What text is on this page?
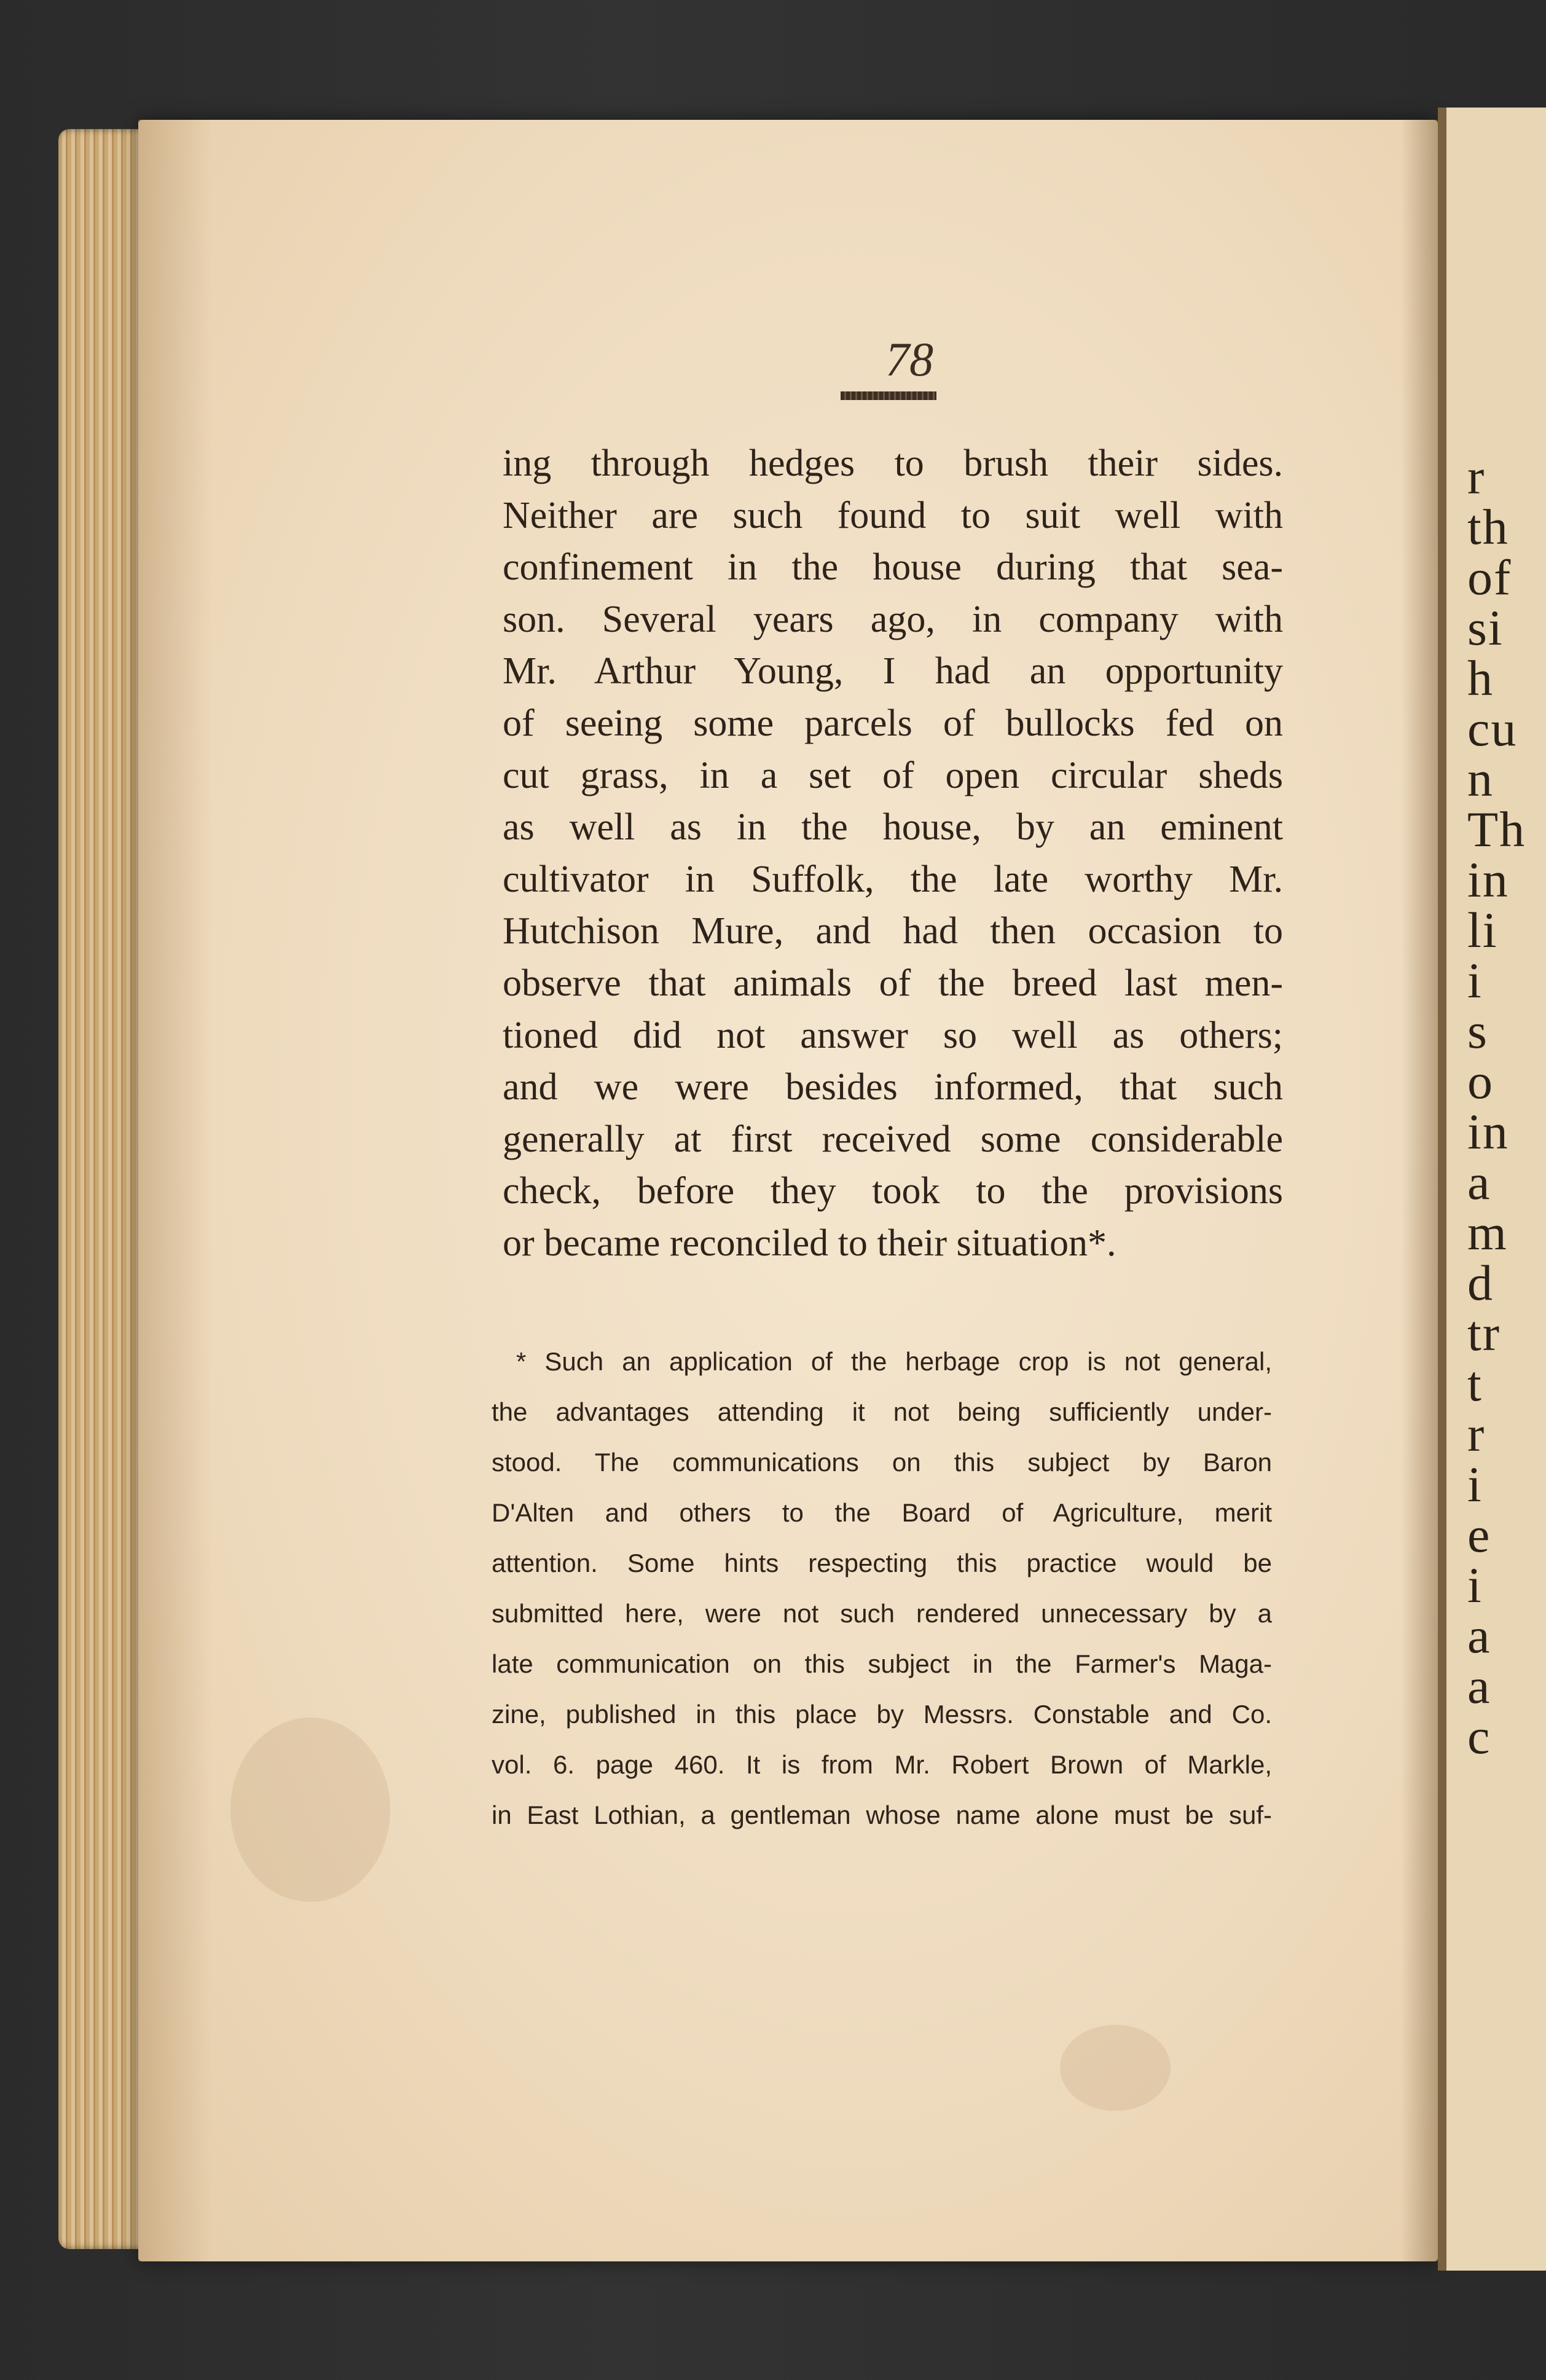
r
th
of
si
h
cu
n
Th
in
li
i
s
o
in
a
m
d
tr
t
r
i
e
i
a
a
c
78
ing through hedges to brush their sides.
Neither are such found to suit well with
confinement in the house during that sea-
son. Several years ago, in company with
Mr. Arthur Young, I had an opportunity
of seeing some parcels of bullocks fed on
cut grass, in a set of open circular sheds
as well as in the house, by an eminent
cultivator in Suffolk, the late worthy Mr.
Hutchison Mure, and had then occasion to
observe that animals of the breed last men-
tioned did not answer so well as others;
and we were besides informed, that such
generally at first received some considerable
check, before they took to the provisions
or became reconciled to their situation*.
* Such an application of the herbage crop is not general,
the advantages attending it not being sufficiently under-
stood. The communications on this subject by Baron
D'Alten and others to the Board of Agriculture, merit
attention. Some hints respecting this practice would be
submitted here, were not such rendered unnecessary by a
late communication on this subject in the Farmer's Maga-
zine, published in this place by Messrs. Constable and Co.
vol. 6. page 460. It is from Mr. Robert Brown of Markle,
in East Lothian, a gentleman whose name alone must be suf-
